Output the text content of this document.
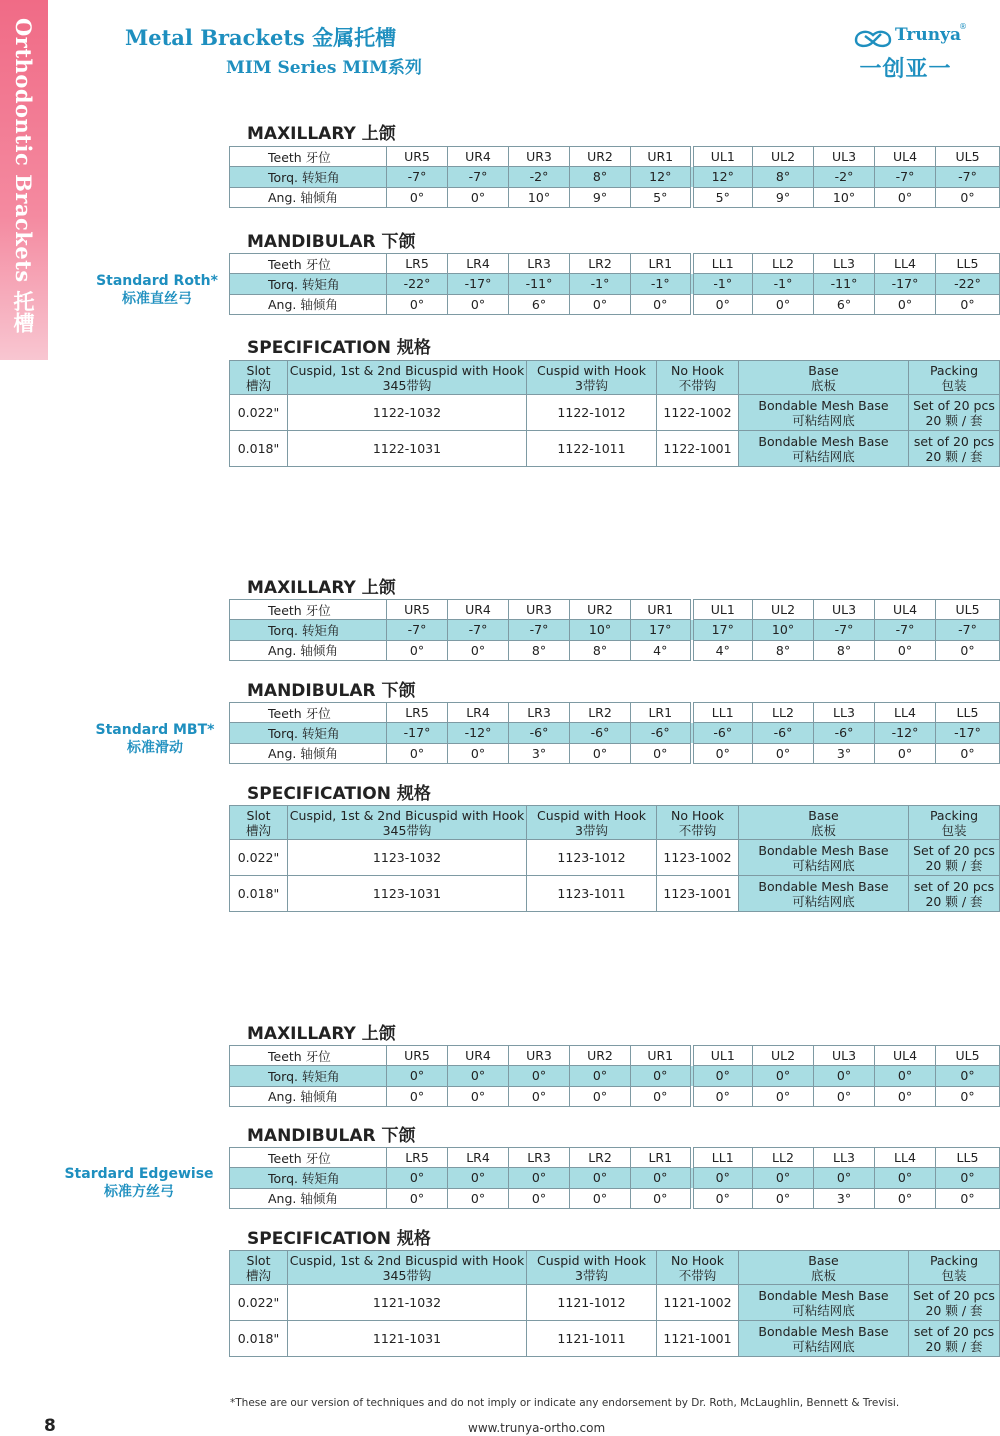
Orthodontic Brackets 托槽	Metal Brackets 金属托槽
MIM Series MIM系列
Trunya
®
一创亚一
Standard Roth*
标准直丝弓
MAXILLARY 上颌
Teeth 牙位	UR5	UR4	UR3	UR2	UR1	UL1	UL2	UL3	UL4	UL5
Torq. 转矩角	-7°	-7°	-2°	8°	12°	12°	8°	-2°	-7°	-7°
Ang. 轴倾角	0°	0°	10°	9°	5°	5°	9°	10°	0°	0°
MANDIBULAR 下颌
Teeth 牙位	LR5	LR4	LR3	LR2	LR1	LL1	LL2	LL3	LL4	LL5
Torq. 转矩角	-22°	-17°	-11°	-1°	-1°	-1°	-1°	-11°	-17°	-22°
Ang. 轴倾角	0°	0°	6°	0°	0°	0°	0°	6°	0°	0°
SPECIFICATION 规格
Slot
槽沟	Cuspid, 1st & 2nd Bicuspid with Hook
345带钩	Cuspid with Hook
3带钩	No Hook
不带钩	Base
底板	Packing
包装
0.022"	1122-1032	1122-1012	1122-1002	Bondable Mesh Base
可粘结网底	Set of 20 pcs
20 颗 / 套
0.018"	1122-1031	1122-1011	1122-1001	Bondable Mesh Base
可粘结网底	set of 20 pcs
20 颗 / 套
Standard MBT*
标准滑动
MAXILLARY 上颌
Teeth 牙位	UR5	UR4	UR3	UR2	UR1	UL1	UL2	UL3	UL4	UL5
Torq. 转矩角	-7°	-7°	-7°	10°	17°	17°	10°	-7°	-7°	-7°
Ang. 轴倾角	0°	0°	8°	8°	4°	4°	8°	8°	0°	0°
MANDIBULAR 下颌
Teeth 牙位	LR5	LR4	LR3	LR2	LR1	LL1	LL2	LL3	LL4	LL5
Torq. 转矩角	-17°	-12°	-6°	-6°	-6°	-6°	-6°	-6°	-12°	-17°
Ang. 轴倾角	0°	0°	3°	0°	0°	0°	0°	3°	0°	0°
SPECIFICATION 规格
Slot
槽沟	Cuspid, 1st & 2nd Bicuspid with Hook
345带钩	Cuspid with Hook
3带钩	No Hook
不带钩	Base
底板	Packing
包装
0.022"	1123-1032	1123-1012	1123-1002	Bondable Mesh Base
可粘结网底	Set of 20 pcs
20 颗 / 套
0.018"	1123-1031	1123-1011	1123-1001	Bondable Mesh Base
可粘结网底	set of 20 pcs
20 颗 / 套
Stardard Edgewise
标准方丝弓
MAXILLARY 上颌
Teeth 牙位	UR5	UR4	UR3	UR2	UR1	UL1	UL2	UL3	UL4	UL5
Torq. 转矩角	0°	0°	0°	0°	0°	0°	0°	0°	0°	0°
Ang. 轴倾角	0°	0°	0°	0°	0°	0°	0°	0°	0°	0°
MANDIBULAR 下颌
Teeth 牙位	LR5	LR4	LR3	LR2	LR1	LL1	LL2	LL3	LL4	LL5
Torq. 转矩角	0°	0°	0°	0°	0°	0°	0°	0°	0°	0°
Ang. 轴倾角	0°	0°	0°	0°	0°	0°	0°	3°	0°	0°
SPECIFICATION 规格
Slot
槽沟	Cuspid, 1st & 2nd Bicuspid with Hook
345带钩	Cuspid with Hook
3带钩	No Hook
不带钩	Base
底板	Packing
包装
0.022"	1121-1032	1121-1012	1121-1002	Bondable Mesh Base
可粘结网底	Set of 20 pcs
20 颗 / 套
0.018"	1121-1031	1121-1011	1121-1001	Bondable Mesh Base
可粘结网底	set of 20 pcs
20 颗 / 套
*These are our version of techniques and do not imply or indicate any endorsement by Dr. Roth, McLaughlin, Bennett & Trevisi.
8	www.trunya-ortho.com
